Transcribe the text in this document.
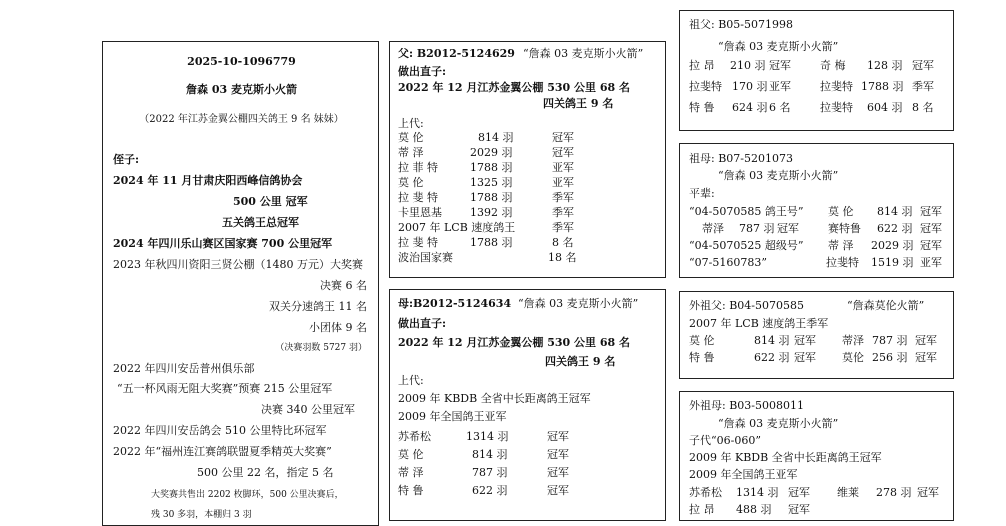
2025-10-1096779
詹森 03 麦克斯小火箭
（2022 年江苏金翼公棚四关鸽王 9 名 妹妹）
侄子:
2024 年 11 月甘肃庆阳西峰信鸽协会
500 公里 冠军
五关鸽王总冠军
2024 年四川乐山赛区国家赛 700 公里冠军
2023 年秋四川资阳三贤公棚（1480 万元）大奖赛
决赛 6 名
双关分速鸽王 11 名
小团体 9 名
（决赛羽数 5727 羽）
2022 年四川安岳普州俱乐部
“五一杯风雨无阻大奖赛”预赛 215 公里冠军
决赛 340 公里冠军
2022 年四川安岳鸽会 510 公里特比环冠军
2022 年“福州连江赛鸽联盟夏季精英大奖赛”
500 公里 22 名，指定 5 名
大奖赛共售出 2202 枚脚环，500 公里决赛后，
残 30 多羽，本棚归 3 羽
父: B2012-5124629 “詹森 03 麦克斯小火箭”
做出直子:
2022 年 12 月江苏金翼公棚 530 公里 68 名
四关鸽王 9 名
上代:
莫 伦	814 羽	冠军
蒂 泽	2029 羽	冠军
拉 菲 特	1788 羽	亚军
莫 伦	1325 羽	亚军
拉 斐 特	1788 羽	季军
卡里恩基	1392 羽	季军
2007 年 LCB 速度鸽王	季军
拉 斐 特	1788 羽	8 名
波治国家赛	18 名
母:B2012-5124634 “詹森 03 麦克斯小火箭”
做出直子:
2022 年 12 月江苏金翼公棚 530 公里 68 名
四关鸽王 9 名
上代:
2009 年 KBDB 全省中长距离鸽王冠军
2009 年全国鸽王亚军
苏希松	1314 羽	冠军
莫 伦	814 羽	冠军
蒂 泽	787 羽	冠军
特 鲁	622 羽	冠军
祖父: B05-5071998
“詹森 03 麦克斯小火箭”
拉 昂 210 羽 冠军	奇 梅 128 羽 冠军
拉斐特 170 羽 亚军	拉斐特 1788 羽 季军
特 鲁 624 羽 6 名	拉斐特 604 羽 8 名
祖母: B07-5201073
“詹森 03 麦克斯小火箭”
平辈:
“04-5070585 鸽王号” 莫 伦 814 羽 冠军
蒂泽 787 羽 冠军	赛特鲁 622 羽 冠军
“04-5070525 超级号” 蒂 泽 2029 羽 冠军
“07-5160783”	拉斐特 1519 羽 亚军
外祖父: B04-5070585	“詹森莫伦火箭”
2007 年 LCB 速度鸽王季军
莫 伦	814 羽 冠军 蒂泽 787 羽 冠军
特 鲁	622 羽 冠军 莫伦 256 羽 冠军
外祖母: B03-5008011
“詹森 03 麦克斯小火箭”
子代“06-060”
2009 年 KBDB 全省中长距离鸽王冠军
2009 年全国鸽王亚军
苏希松 1314 羽 冠军 维莱 278 羽 冠军
拉 昂 488 羽 冠军
